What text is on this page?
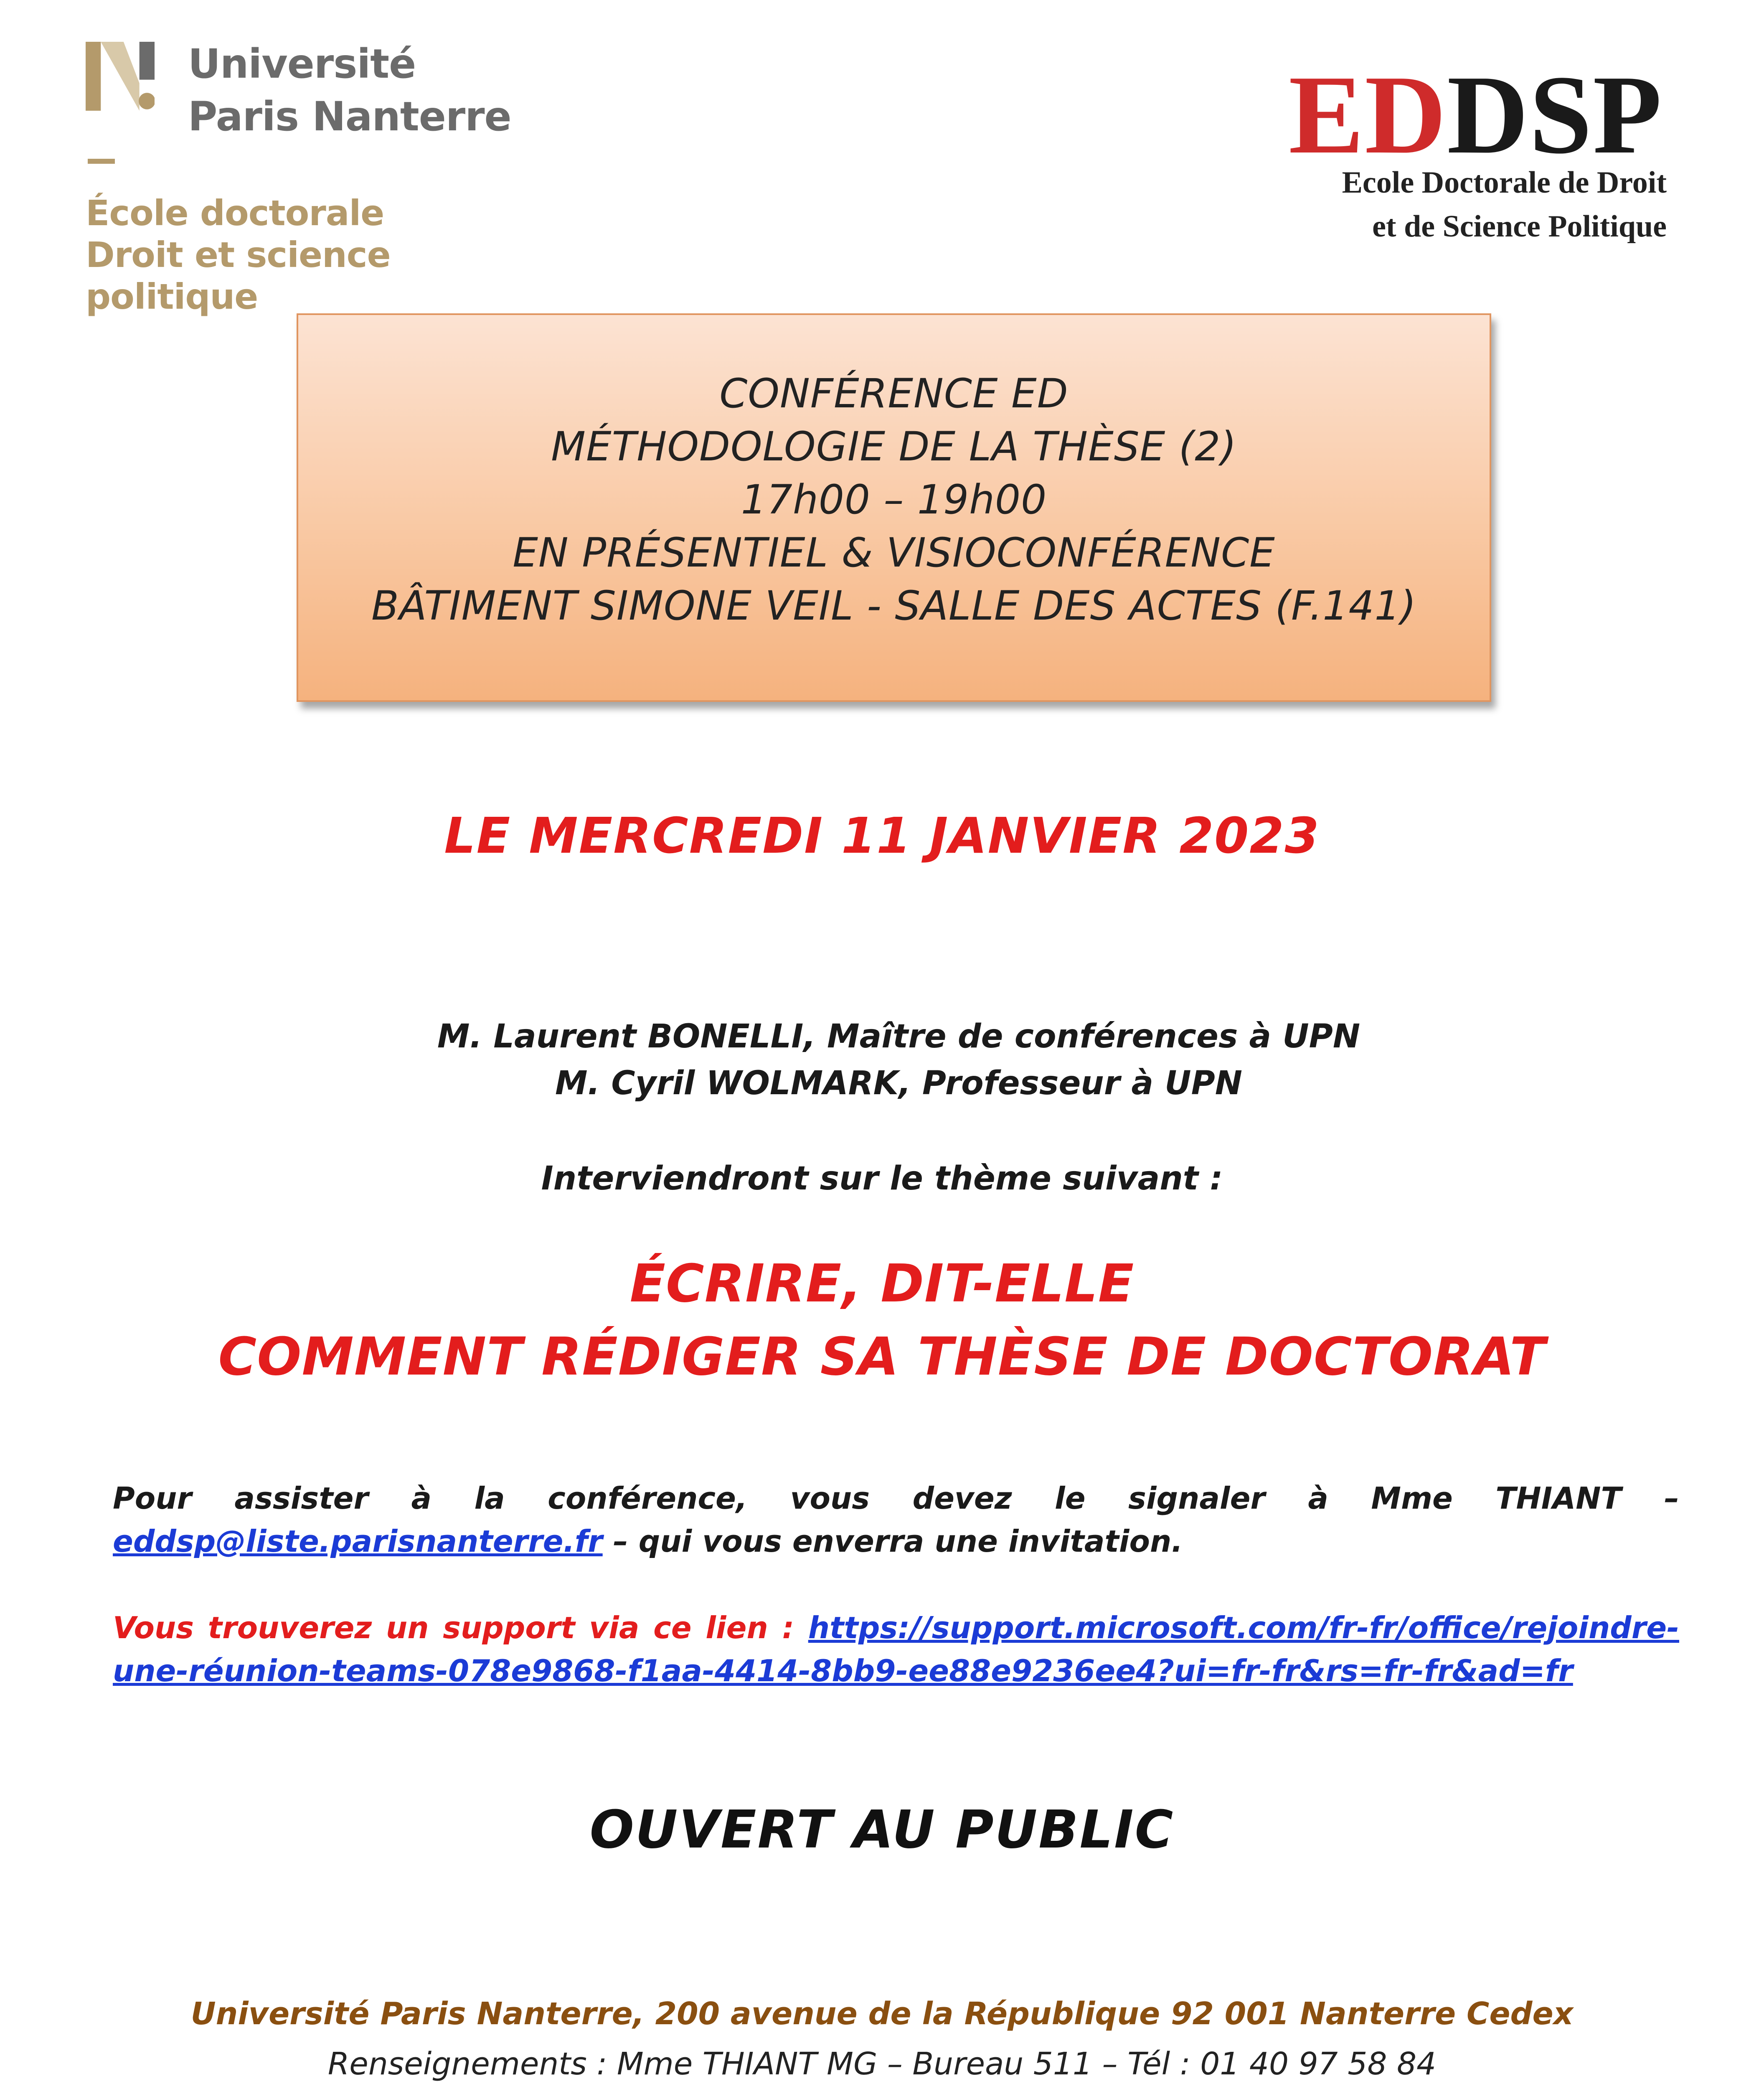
Université
Paris Nanterre
École doctorale
Droit et science politique
EDDSP
Ecole Doctorale de Droit
et de Science Politique
CONFÉRENCE ED
MÉTHODOLOGIE DE LA THÈSE (2)
17h00 – 19h00
EN PRÉSENTIEL & VISIOCONFÉRENCE
BÂTIMENT SIMONE VEIL - SALLE DES ACTES (F.141)
LE MERCREDI 11 JANVIER 2023
M. Laurent BONELLI, Maître de conférences à UPN
M. Cyril WOLMARK, Professeur à UPN
Interviendront sur le thème suivant :
ÉCRIRE, DIT-ELLE
COMMENT RÉDIGER SA THÈSE DE DOCTORAT
Pour assister à la conférence, vous devez le signaler à Mme THIANT – eddsp@liste.parisnanterre.fr – qui vous enverra une invitation.
Vous trouverez un support via ce lien : https://support.microsoft.com/fr-fr/office/rejoindre-une-réunion-teams-078e9868-f1aa-4414-8bb9-ee88e9236ee4?ui=fr-fr&rs=fr-fr&ad=fr
OUVERT AU PUBLIC
Université Paris Nanterre, 200 avenue de la République 92 001 Nanterre Cedex
Renseignements : Mme THIANT MG – Bureau 511 – Tél : 01 40 97 58 84
